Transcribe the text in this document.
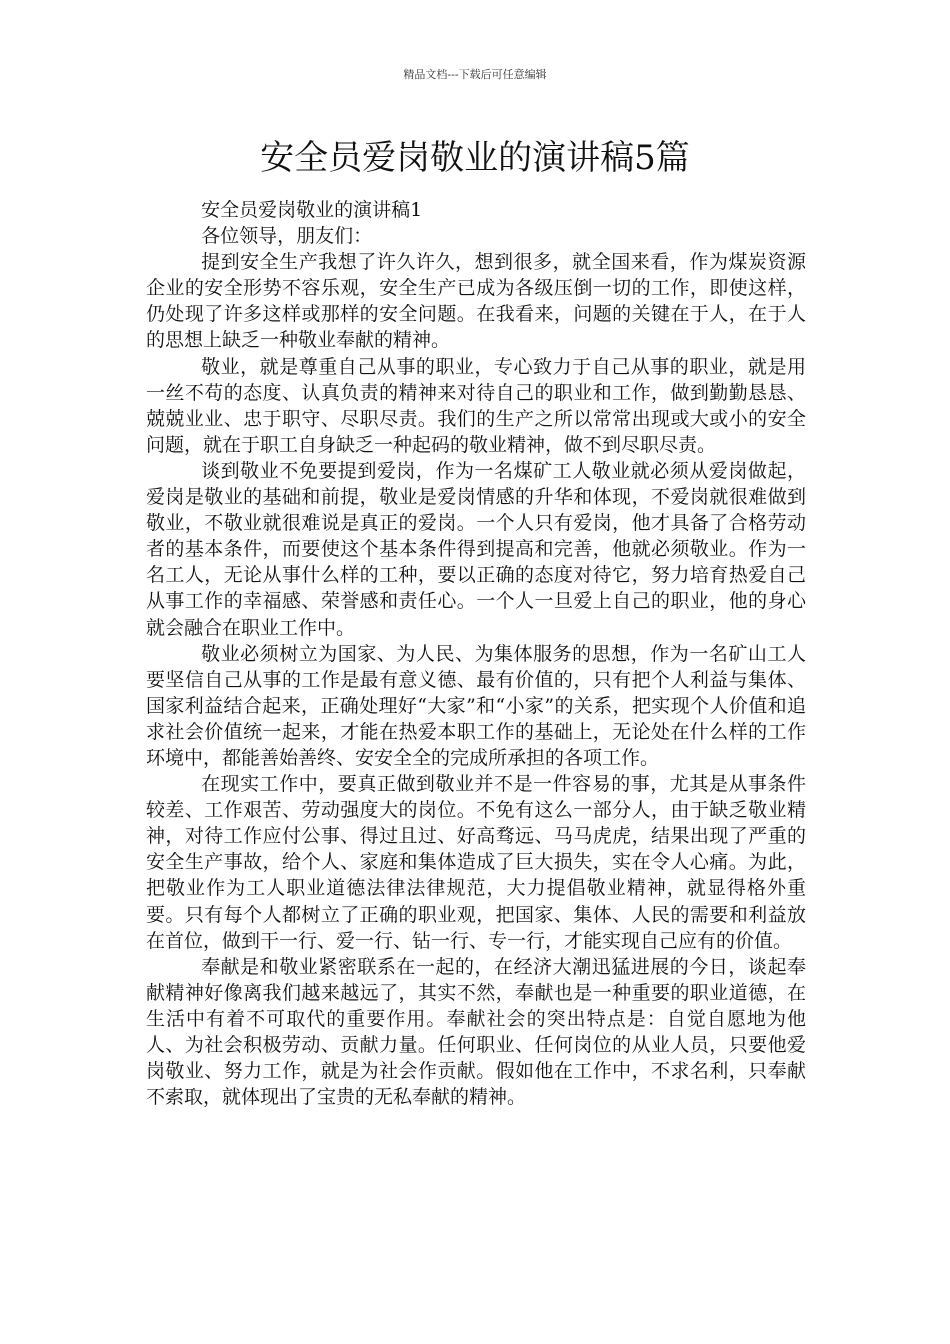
精品文档---下载后可任意编辑
安全员爱岗敬业的演讲稿5篇

安全员爱岗敬业的演讲稿1

各位领导，朋友们：

提到安全生产我想了许久许久，想到很多，就全国来看，作为煤炭资源企业的安全形势不容乐观，安全生产已成为各级压倒一切的工作，即使这样，仍处现了许多这样或那样的安全问题。在我看来，问题的关键在于人，在于人的思想上缺乏一种敬业奉献的精神。

敬业，就是尊重自己从事的职业，专心致力于自己从事的职业，就是用一丝不苟的态度、认真负责的精神来对待自己的职业和工作，做到勤勤恳恳、兢兢业业、忠于职守、尽职尽责。我们的生产之所以常常出现或大或小的安全问题，就在于职工自身缺乏一种起码的敬业精神，做不到尽职尽责。

谈到敬业不免要提到爱岗，作为一名煤矿工人敬业就必须从爱岗做起，爱岗是敬业的基础和前提，敬业是爱岗情感的升华和体现，不爱岗就很难做到敬业，不敬业就很难说是真正的爱岗。一个人只有爱岗，他才具备了合格劳动者的基本条件，而要使这个基本条件得到提高和完善，他就必须敬业。作为一名工人，无论从事什么样的工种，要以正确的态度对待它，努力培育热爱自己从事工作的幸福感、荣誉感和责任心。一个人一旦爱上自己的职业，他的身心就会融合在职业工作中。

敬业必须树立为国家、为人民、为集体服务的思想，作为一名矿山工人要坚信自己从事的工作是最有意义德、最有价值的，只有把个人利益与集体、国家利益结合起来，正确处理好“大家”和“小家”的关系，把实现个人价值和追求社会价值统一起来，才能在热爱本职工作的基础上，无论处在什么样的工作环境中，都能善始善终、安安全全的完成所承担的各项工作。

在现实工作中，要真正做到敬业并不是一件容易的事，尤其是从事条件较差、工作艰苦、劳动强度大的岗位。不免有这么一部分人，由于缺乏敬业精神，对待工作应付公事、得过且过、好高骛远、马马虎虎，结果出现了严重的安全生产事故，给个人、家庭和集体造成了巨大损失，实在令人心痛。为此，把敬业作为工人职业道德法律法律规范，大力提倡敬业精神，就显得格外重要。只有每个人都树立了正确的职业观，把国家、集体、人民的需要和利益放在首位，做到干一行、爱一行、钻一行、专一行，才能实现自己应有的价值。

奉献是和敬业紧密联系在一起的，在经济大潮迅猛进展的今日，谈起奉献精神好像离我们越来越远了，其实不然，奉献也是一种重要的职业道德，在生活中有着不可取代的重要作用。奉献社会的突出特点是：自觉自愿地为他人、为社会积极劳动、贡献力量。任何职业、任何岗位的从业人员，只要他爱岗敬业、努力工作，就是为社会作贡献。假如他在工作中，不求名利，只奉献不索取，就体现出了宝贵的无私奉献的精神。
